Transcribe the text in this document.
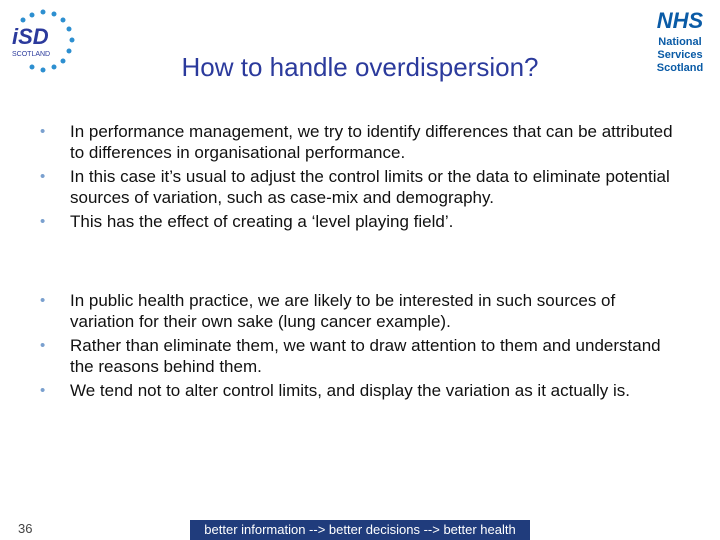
iSD
SCOTLAND
NHS
National
Services
Scotland
How to handle overdispersion?
• In performance management, we try to identify differences that can be attributed to differences in organisational performance.
• In this case it’s usual to adjust the control limits or the data to eliminate potential sources of variation, such as case-mix and demography.
• This has the effect of creating a ‘level playing field’.
• In public health practice, we are likely to be interested in such sources of variation for their own sake (lung cancer example).
• Rather than eliminate them, we want to draw attention to them and understand the reasons behind them.
• We tend not to alter control limits, and display the variation as it actually is.
36	better information --> better decisions --> better health
